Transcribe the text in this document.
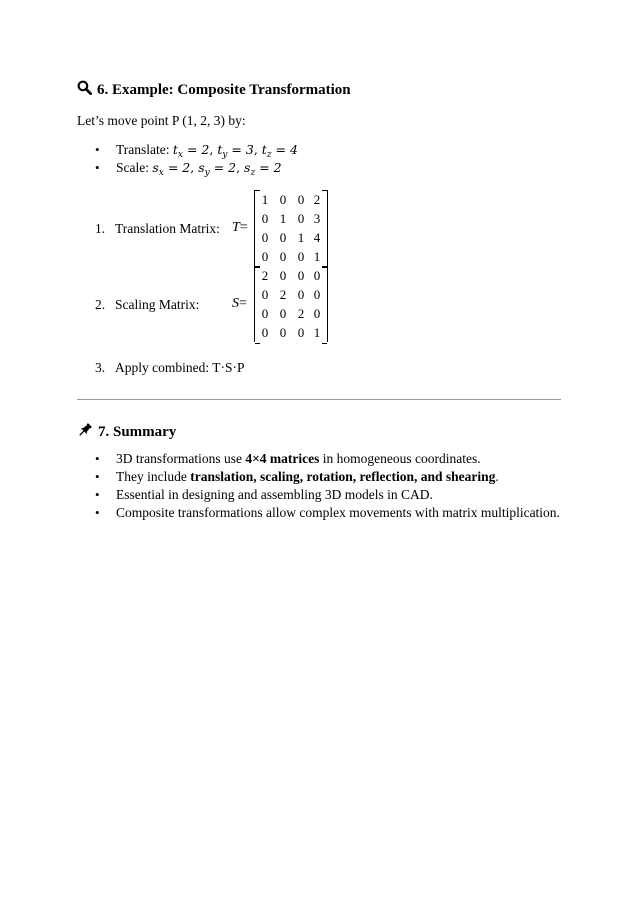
6. Example: Composite Transformation
Let’s move point P (1, 2, 3) by:
• Translate: $t_x = 2$, $t_y = 3$, $t_z = 4$
• Scale: $s_x = 2$, $s_y = 2$, $s_z = 2$
1. Translation Matrix: T=
1 0 0 2
0 1 0 3
0 0 1 4
0 0 0 1
2. Scaling Matrix: S=
2 0 0 0
0 2 0 0
0 0 2 0
0 0 0 1
3. Apply combined: T·S·P
7. Summary
• 3D transformations use 4×4 matrices in homogeneous coordinates.
• They include translation, scaling, rotation, reflection, and shearing.
• Essential in designing and assembling 3D models in CAD.
• Composite transformations allow complex movements with matrix multiplication.
